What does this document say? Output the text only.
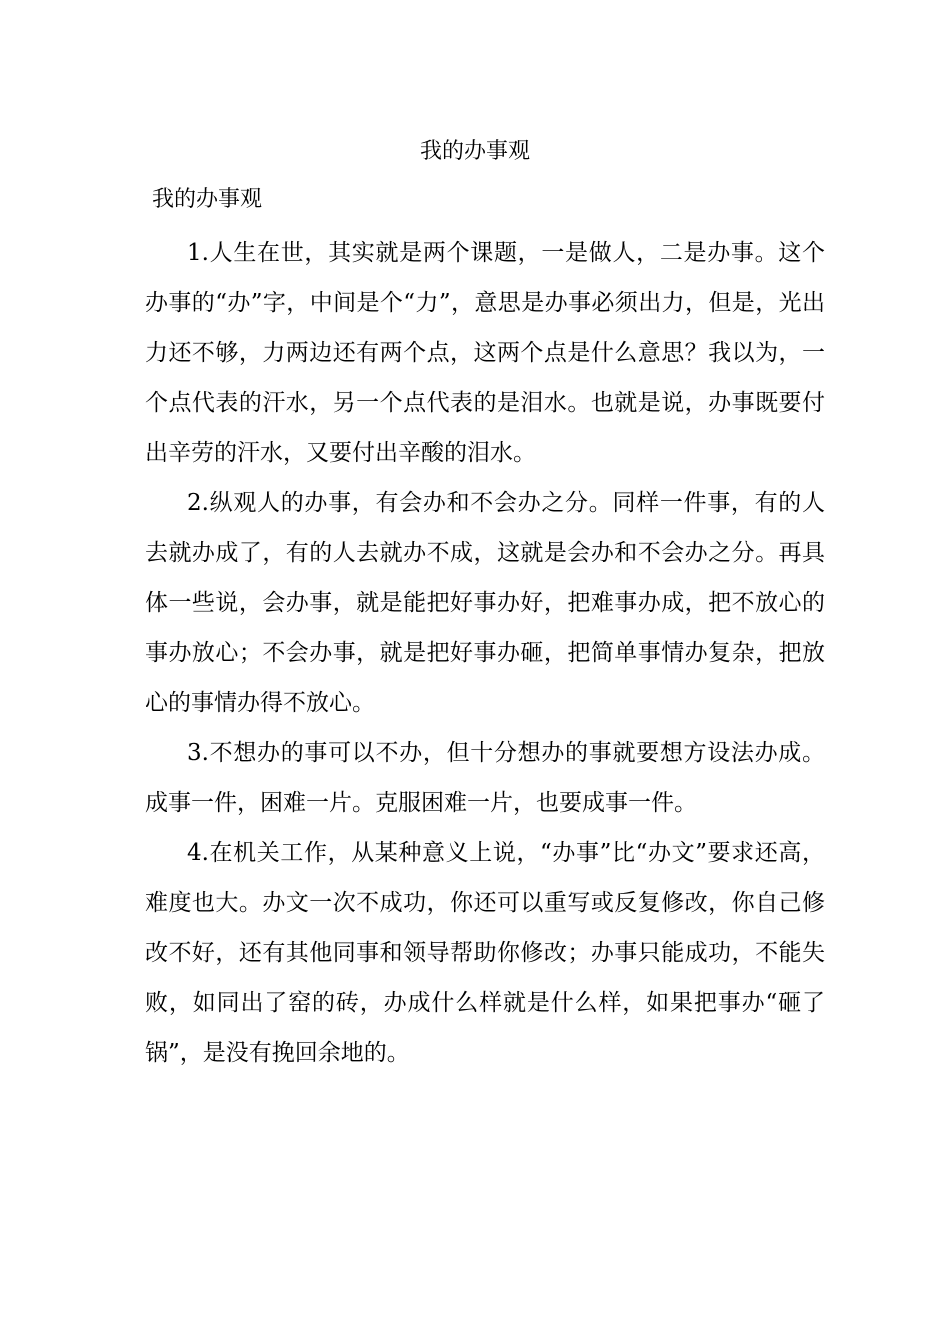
我的办事观
我的办事观

1.人生在世，其实就是两个课题，一是做人，二是办事。这个办事的“办”字，中间是个“力”，意思是办事必须出力，但是，光出力还不够，力两边还有两个点，这两个点是什么意思？我以为，一个点代表的汗水，另一个点代表的是泪水。也就是说，办事既要付出辛劳的汗水，又要付出辛酸的泪水。

2.纵观人的办事，有会办和不会办之分。同样一件事，有的人去就办成了，有的人去就办不成，这就是会办和不会办之分。再具体一些说，会办事，就是能把好事办好，把难事办成，把不放心的事办放心；不会办事，就是把好事办砸，把简单事情办复杂，把放心的事情办得不放心。

3.不想办的事可以不办，但十分想办的事就要想方设法办成。成事一件，困难一片。克服困难一片，也要成事一件。

4.在机关工作，从某种意义上说，“办事”比“办文”要求还高，难度也大。办文一次不成功，你还可以重写或反复修改，你自己修改不好，还有其他同事和领导帮助你修改；办事只能成功，不能失败，如同出了窑的砖，办成什么样就是什么样，如果把事办“砸了锅”，是没有挽回余地的。
